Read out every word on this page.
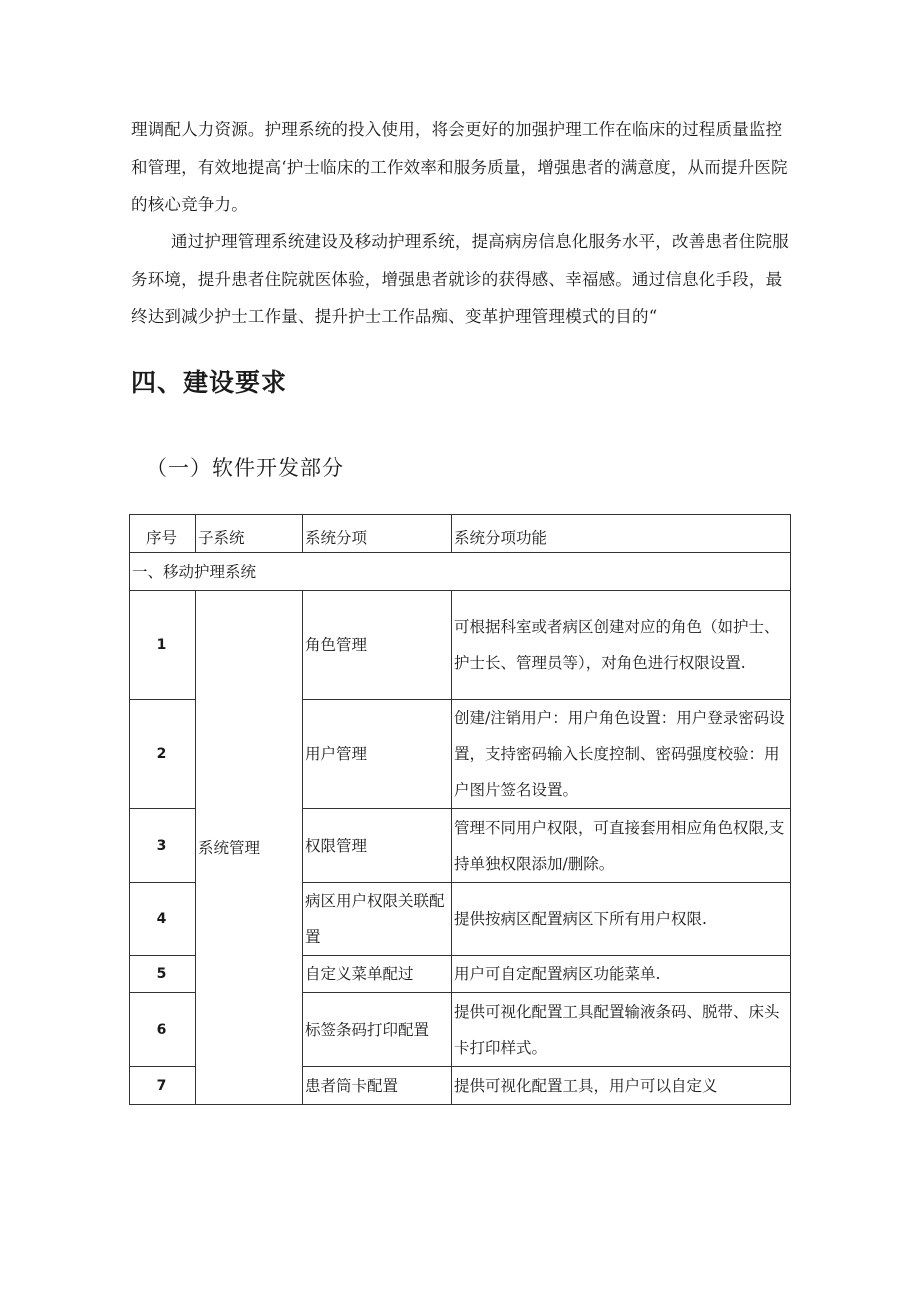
理调配人力资源。护理系统的投入使用，将会更好的加强护理工作在临床的过程质量监控和管理，有效地提高‘护士临床的工作效率和服务质量，增强患者的满意度，从而提升医院的核心竞争力。

通过护理管理系统建设及移动护理系统，提高病房信息化服务水平，改善患者住院服务环境，提升患者住院就医体验，增强患者就诊的获得感、幸福感。通过信息化手段，最终达到减少护士工作量、提升护士工作品痴、变革护理管理模式的目的“

四、建设要求
（一）软件开发部分
序号	子系统	系统分项	系统分项功能
一、移动护理系统			
1	系统管理	角色管理	可根据科室或者病区创建对应的角色（如护士、护士长、管理员等），对角色进行权限设置.
2		用户管理	创建/注销用户：用户角色设置：用户登录密码设置，支持密码输入长度控制、密码强度校验：用户图片签名设置。
3		权限管理	管理不同用户权限，可直接套用相应角色权限,支持单独权限添加/删除。
4		病区用户权限关联配置	提供按病区配置病区下所有用户权限.
5		自定义菜单配过	用户可自定配置病区功能菜单.
6		标签条码打印配置	提供可视化配置工具配置输液条码、脱带、床头卡打印样式。
7		患者筒卡配置	提供可视化配置工具，用户可以自定义
